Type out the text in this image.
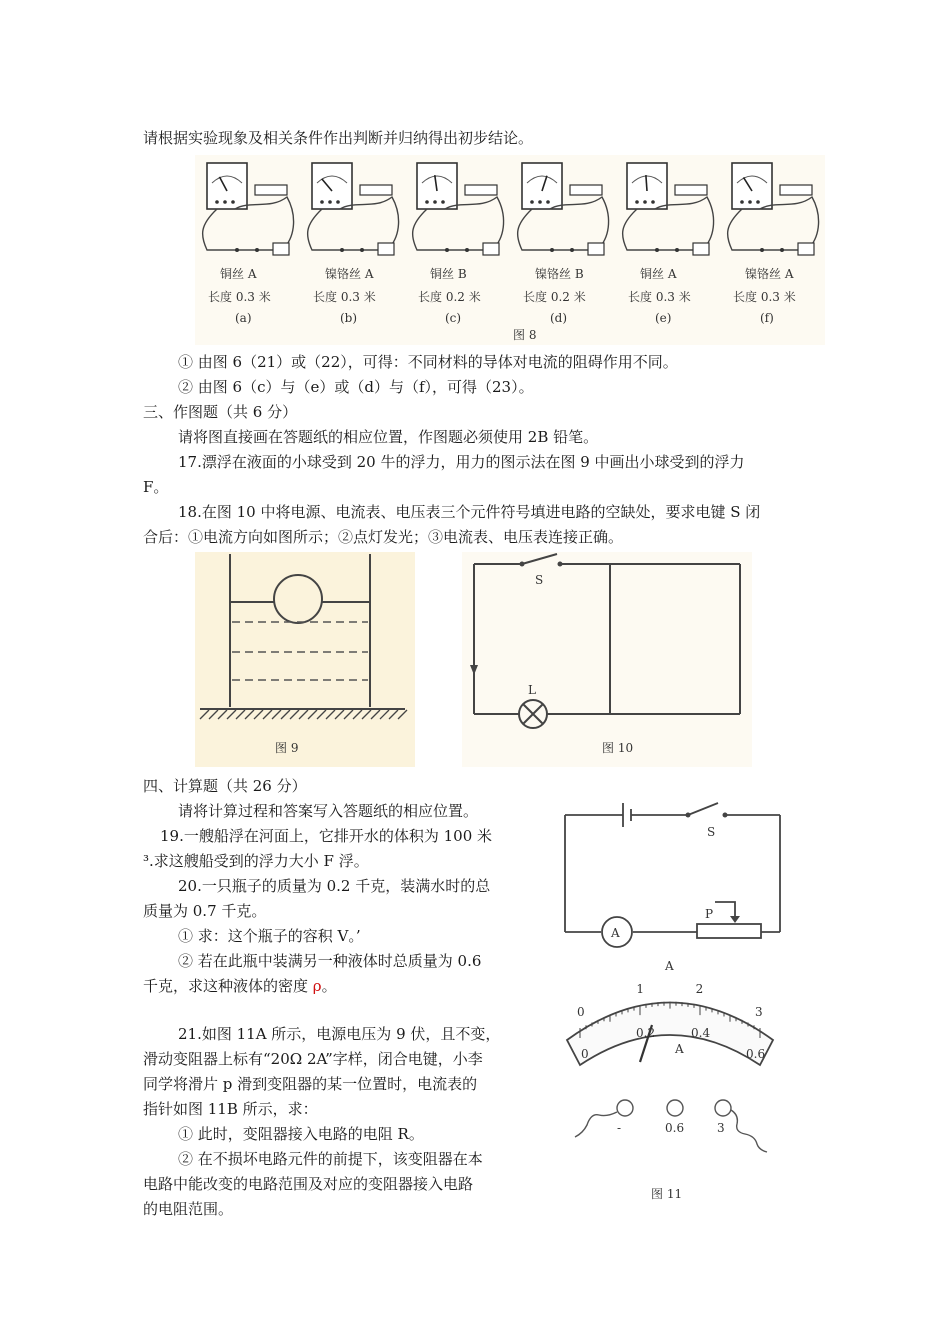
请根据实验现象及相关条件作出判断并归纳得出初步结论。
铜丝 A
长度 0.3 米
(a)
镍铬丝 A
长度 0.3 米
(b)
铜丝 B
长度 0.2 米
(c)
镍铬丝 B
长度 0.2 米
(d)
铜丝 A
长度 0.3 米
(e)
镍铬丝 A
长度 0.3 米
(f)
图 8
① 由图 6（21）或（22），可得：不同材料的导体对电流的阻碍作用不同。
② 由图 6（c）与（e）或（d）与（f），可得（23）。
三、作图题（共 6 分）
请将图直接画在答题纸的相应位置，作图题必须使用 2B 铅笔。
17.漂浮在液面的小球受到 20 牛的浮力，用力的图示法在图 9 中画出小球受到的浮力
F。
18.在图 10 中将电源、电流表、电压表三个元件符号填进电路的空缺处，要求电键 S 闭
合后：①电流方向如图所示；②点灯发光；③电流表、电压表连接正确。
图 9
S
L
图 10
四、计算题（共 26 分）
请将计算过程和答案写入答题纸的相应位置。
19.一艘船浮在河面上，它排开水的体积为 100 米
³.求这艘船受到的浮力大小 F 浮。
20.一只瓶子的质量为 0.2 千克，装满水时的总
质量为 0.7 千克。
① 求：这个瓶子的容积 V。’
② 若在此瓶中装满另一种液体时总质量为 0.6
千克，求这种液体的密度 ρ。
21.如图 11A 所示，电源电压为 9 伏，且不变，
滑动变阻器上标有“20Ω 2A”字样，闭合电键，小李
同学将滑片 p 滑到变阻器的某一位置时，电流表的
指针如图 11B 所示，求：
① 此时，变阻器接入电路的电阻 R。
② 在不损坏电路元件的前提下，该变阻器在本
电路中能改变的电路范围及对应的变阻器接入电路
的电阻范围。
A
S
P
A
0
1	2
3
0
0.2	0.4
0.6
A
-	0.6	3
图 11
